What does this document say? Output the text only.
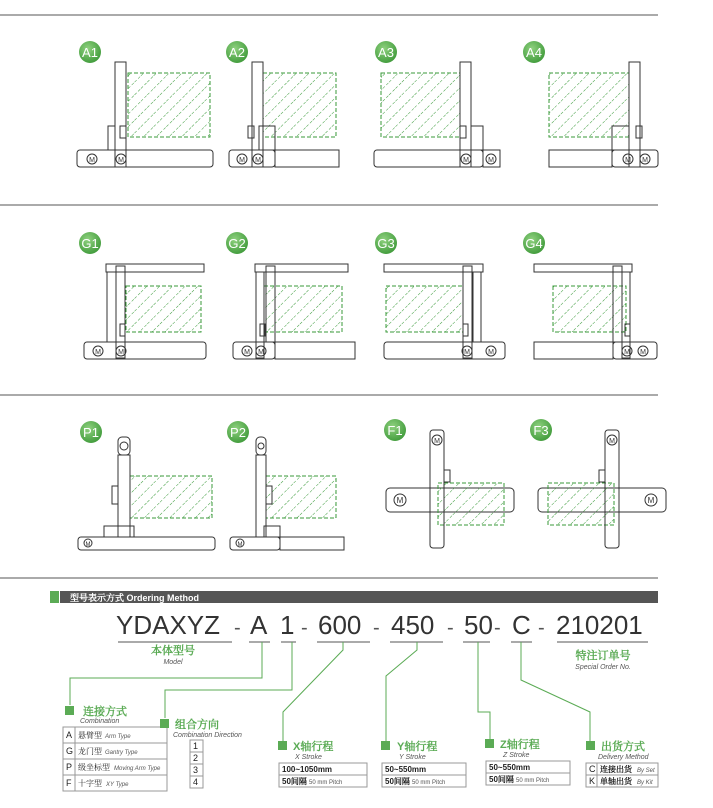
A1
M	M
A2
M M
A3
M	M
A4
M M
G1
M M
G2
M M
G3
M	M
G4
M M
P1
M
P2
M
F1
M
M
F3
M
M
型号表示方式 Ordering Method
YDAXYZ - A 1 - 600 - 450 - 50 - C - 210201
本体型号
Model
特注订单号
Special Order No.
连接方式
Combination
A 悬臂型 Arm Type
G 龙门型 Gantry Type
P 级坐标型 Moving Arm Type
F 十字型 XY Type
组合方向
Combination Direction
1
2
3
4
X轴行程
X Stroke
100~1050mm
50间隔 50 mm Pitch
Y轴行程
Y Stroke
50~550mm
50间隔 50 mm Pitch
Z轴行程
Z Stroke
50~550mm
50间隔 50 mm Pitch
出货方式
Delivery Method
C 连接出货 By Set
K 单轴出货 By Kit
